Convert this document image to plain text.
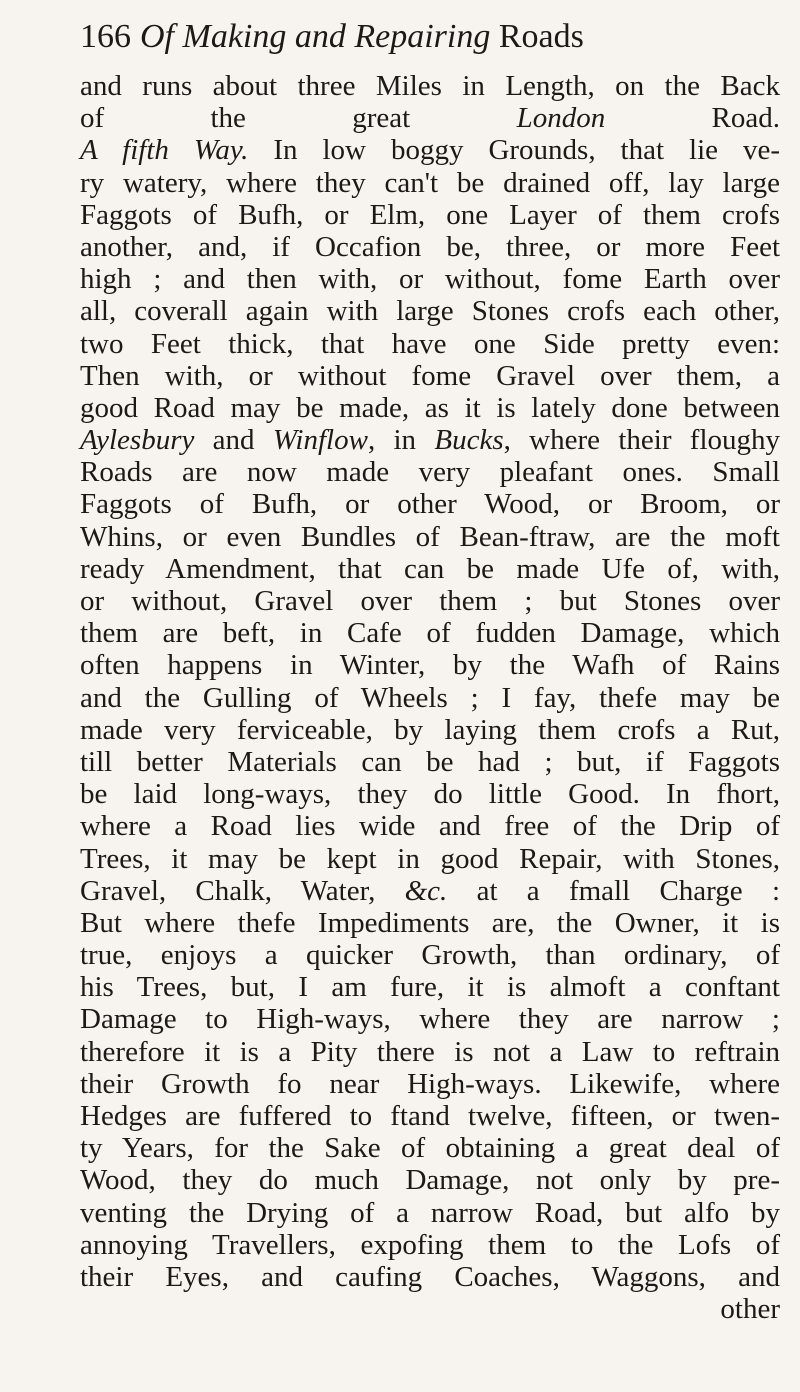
166 Of Making and Repairing Roads
and runs about three Miles in Length, on the Back
of the great London Road.
A fifth Way. In low boggy Grounds, that lie ve-
ry watery, where they can't be drained off, lay large
Faggots of Bufh, or Elm, one Layer of them crofs
another, and, if Occafion be, three, or more Feet
high ; and then with, or without, fome Earth over
all, coverall again with large Stones crofs each other,
two Feet thick, that have one Side pretty even:
Then with, or without fome Gravel over them, a
good Road may be made, as it is lately done between
Aylesbury and Winflow, in Bucks, where their floughy
Roads are now made very pleafant ones. Small
Faggots of Bufh, or other Wood, or Broom, or
Whins, or even Bundles of Bean-ftraw, are the moft
ready Amendment, that can be made Ufe of, with,
or without, Gravel over them ; but Stones over
them are beft, in Cafe of fudden Damage, which
often happens in Winter, by the Wafh of Rains
and the Gulling of Wheels ; I fay, thefe may be
made very ferviceable, by laying them crofs a Rut,
till better Materials can be had ; but, if Faggots
be laid long-ways, they do little Good. In fhort,
where a Road lies wide and free of the Drip of
Trees, it may be kept in good Repair, with Stones,
Gravel, Chalk, Water, &c. at a fmall Charge :
But where thefe Impediments are, the Owner, it is
true, enjoys a quicker Growth, than ordinary, of
his Trees, but, I am fure, it is almoft a conftant
Damage to High-ways, where they are narrow ;
therefore it is a Pity there is not a Law to reftrain
their Growth fo near High-ways. Likewife, where
Hedges are fuffered to ftand twelve, fifteen, or twen-
ty Years, for the Sake of obtaining a great deal of
Wood, they do much Damage, not only by pre-
venting the Drying of a narrow Road, but alfo by
annoying Travellers, expofing them to the Lofs of
their Eyes, and caufing Coaches, Waggons, and
other
